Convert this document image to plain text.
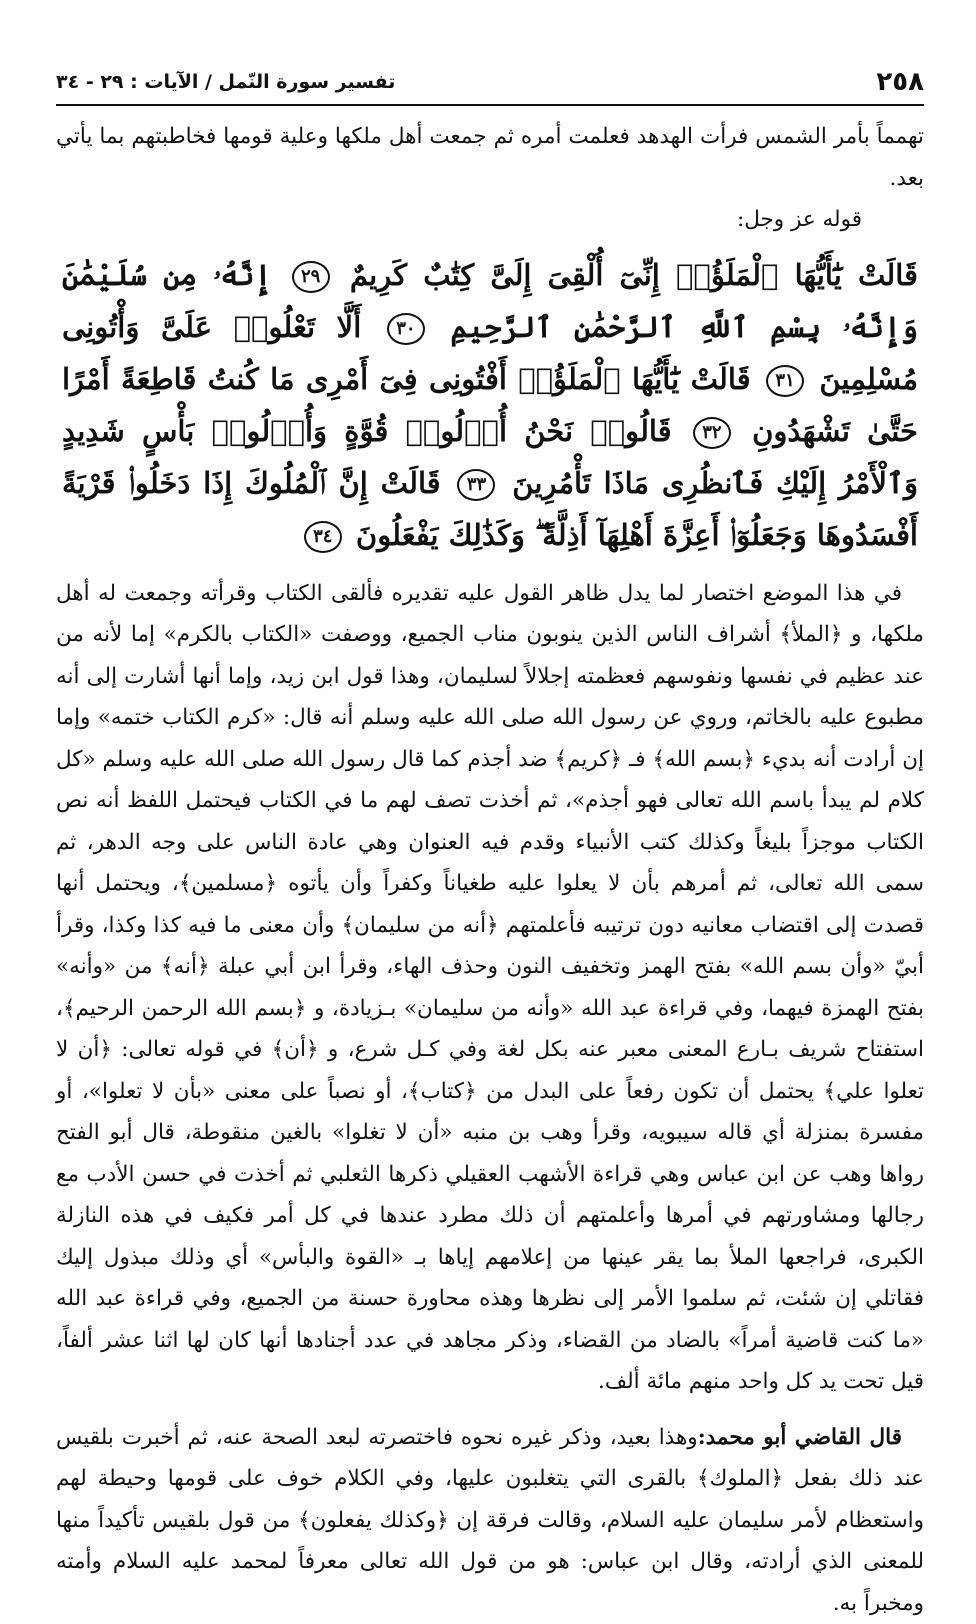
٢٥٨
تفسير سورة النّمل / الآيات : ٢٩ - ٣٤

تهمماً بأمر الشمس فرأت الهدهد فعلمت أمره ثم جمعت أهل ملكها وعلية قومها فخاطبتهم بما يأتي بعد.

قوله عز وجل:

قَالَتْ يَٰٓأَيُّهَا ٱلْمَلَؤُا۟ إِنِّىٓ أُلْقِىَ إِلَىَّ كِتَٰبٌ كَرِيمٌ ٢٩ إِنَّهُۥ مِن سُلَيْمَٰنَ وَإِنَّهُۥ بِسْمِ ٱللَّهِ ٱلرَّحْمَٰنِ ٱلرَّحِيمِ ٣٠ أَلَّا تَعْلُوا۟ عَلَىَّ وَأْتُونِى مُسْلِمِينَ ٣١ قَالَتْ يَٰٓأَيُّهَا ٱلْمَلَؤُا۟ أَفْتُونِى فِىٓ أَمْرِى مَا كُنتُ قَاطِعَةً أَمْرًا حَتَّىٰ تَشْهَدُونِ ٣٢ قَالُوا۟ نَحْنُ أُو۟لُوا۟ قُوَّةٍ وَأُو۟لُوا۟ بَأْسٍ شَدِيدٍ وَٱلْأَمْرُ إِلَيْكِ فَٱنظُرِى مَاذَا تَأْمُرِينَ ٣٣ قَالَتْ إِنَّ ٱلْمُلُوكَ إِذَا دَخَلُوا۟ قَرْيَةً أَفْسَدُوهَا وَجَعَلُوٓا۟ أَعِزَّةَ أَهْلِهَآ أَذِلَّةً ۖ وَكَذَٰلِكَ يَفْعَلُونَ ٣٤

في هذا الموضع اختصار لما يدل ظاهر القول عليه تقديره فألقى الكتاب وقرأته وجمعت له أهل ملكها، و ﴿الملأ﴾ أشراف الناس الذين ينوبون مناب الجميع، ووصفت «الكتاب بالكرم» إما لأنه من عند عظيم في نفسها ونفوسهم فعظمته إجلالاً لسليمان، وهذا قول ابن زيد، وإما أنها أشارت إلى أنه مطبوع عليه بالخاتم، وروي عن رسول الله صلى الله عليه وسلم أنه قال: «كرم الكتاب ختمه» وإما إن أرادت أنه بديء ﴿بسم الله﴾ فـ ﴿كريم﴾ ضد أجذم كما قال رسول الله صلى الله عليه وسلم «كل كلام لم يبدأ باسم الله تعالى فهو أجذم»، ثم أخذت تصف لهم ما في الكتاب فيحتمل اللفظ أنه نص الكتاب موجزاً بليغاً وكذلك كتب الأنبياء وقدم فيه العنوان وهي عادة الناس على وجه الدهر، ثم سمى الله تعالى، ثم أمرهم بأن لا يعلوا عليه طغياناً وكفراً وأن يأتوه ﴿مسلمين﴾، ويحتمل أنها قصدت إلى اقتضاب معانيه دون ترتيبه فأعلمتهم ﴿أنه من سليمان﴾ وأن معنى ما فيه كذا وكذا، وقرأ أبيّ «وأن بسم الله» بفتح الهمز وتخفيف النون وحذف الهاء، وقرأ ابن أبي عبلة ﴿أنه﴾ من «وأنه» بفتح الهمزة فيهما، وفي قراءة عبد الله «وأنه من سليمان» بـزيادة، و ﴿بسم الله الرحمن الرحيم﴾، استفتاح شريف بـارع المعنى معبر عنه بكل لغة وفي كـل شرع، و ﴿أن﴾ في قوله تعالى: ﴿أن لا تعلوا علي﴾ يحتمل أن تكون رفعاً على البدل من ﴿كتاب﴾، أو نصباً على معنى «بأن لا تعلوا»، أو مفسرة بمنزلة أي قاله سيبويه، وقرأ وهب بن منبه «أن لا تغلوا» بالغين منقوطة، قال أبو الفتح رواها وهب عن ابن عباس وهي قراءة الأشهب العقيلي ذكرها الثعلبي ثم أخذت في حسن الأدب مع رجالها ومشاورتهم في أمرها وأعلمتهم أن ذلك مطرد عندها في كل أمر فكيف في هذه النازلة الكبرى، فراجعها الملأ بما يقر عينها من إعلامهم إياها بـ «القوة والبأس» أي وذلك مبذول إليك فقاتلي إن شئت، ثم سلموا الأمر إلى نظرها وهذه محاورة حسنة من الجميع، وفي قراءة عبد الله «ما كنت قاضية أمراً» بالضاد من القضاء، وذكر مجاهد في عدد أجنادها أنها كان لها اثنا عشر ألفاً، قيل تحت يد كل واحد منهم مائة ألف.

قال القاضي أبو محمد:وهذا بعيد، وذكر غيره نحوه فاختصرته لبعد الصحة عنه، ثم أخبرت بلقيس عند ذلك بفعل ﴿الملوك﴾ بالقرى التي يتغلبون عليها، وفي الكلام خوف على قومها وحيطة لهم واستعظام لأمر سليمان عليه السلام، وقالت فرقة إن ﴿وكذلك يفعلون﴾ من قول بلقيس تأكيداً منها للمعنى الذي أرادته، وقال ابن عباس: هو من قول الله تعالى معرفاً لمحمد عليه السلام وأمته ومخبراً به.
